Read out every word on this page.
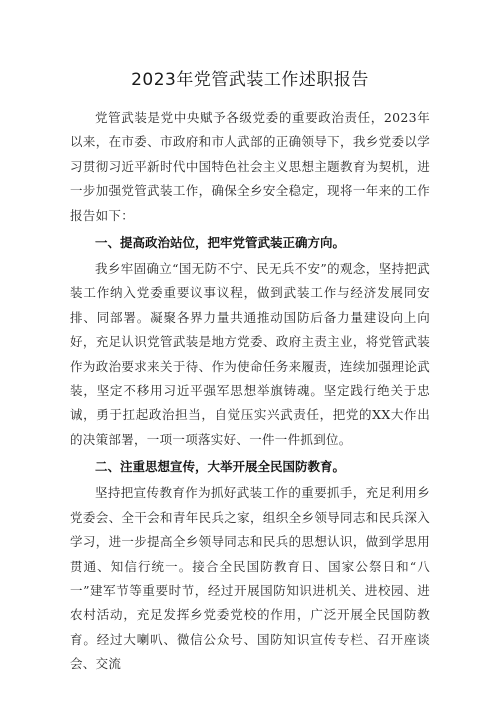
2023年党管武装工作述职报告

党管武装是党中央赋予各级党委的重要政治责任，2023年以来，在市委、市政府和市人武部的正确领导下，我乡党委以学习贯彻习近平新时代中国特色社会主义思想主题教育为契机，进一步加强党管武装工作，确保全乡安全稳定，现将一年来的工作报告如下：

一、提高政治站位，把牢党管武装正确方向。

我乡牢固确立“国无防不宁、民无兵不安”的观念，坚持把武装工作纳入党委重要议事议程，做到武装工作与经济发展同安排、同部署。凝聚各界力量共通推动国防后备力量建设向上向好，充足认识党管武装是地方党委、政府主责主业，将党管武装作为政治要求来关于待、作为使命任务来履责，连续加强理论武装，坚定不移用习近平强军思想举旗铸魂。坚定践行绝关于忠诚，勇于扛起政治担当，自觉压实兴武责任，把党的XX大作出的决策部署，一项一项落实好、一件一件抓到位。

二、注重思想宣传，大举开展全民国防教育。

坚持把宣传教育作为抓好武装工作的重要抓手，充足利用乡党委会、全干会和青年民兵之家，组织全乡领导同志和民兵深入学习，进一步提高全乡领导同志和民兵的思想认识，做到学思用贯通、知信行统一。接合全民国防教育日、国家公祭日和“八一”建军节等重要时节，经过开展国防知识进机关、进校园、进农村活动，充足发挥乡党委党校的作用，广泛开展全民国防教育。经过大喇叭、微信公众号、国防知识宣传专栏、召开座谈会、交流
